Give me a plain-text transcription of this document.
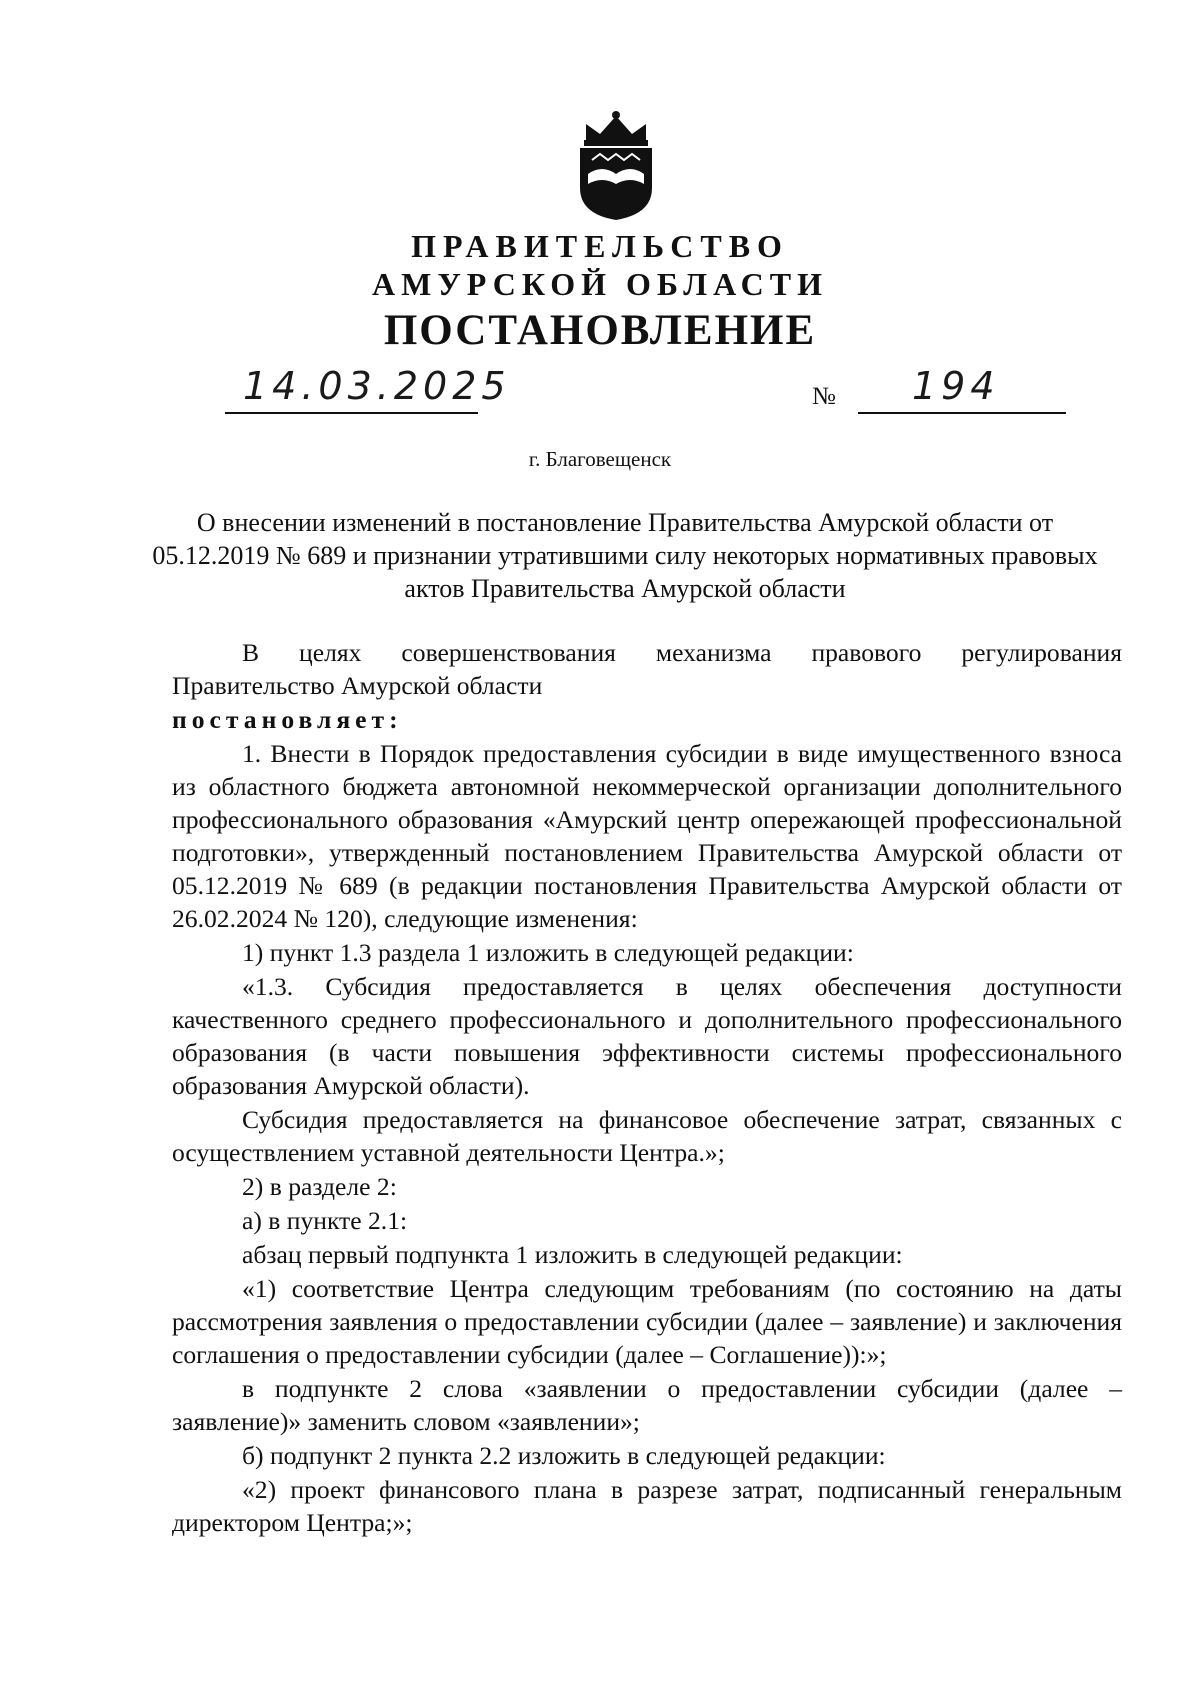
ПРАВИТЕЛЬСТВО
АМУРСКОЙ ОБЛАСТИ
ПОСТАНОВЛЕНИЕ
14.03.2025	№ 194
г. Благовещенск
О внесении изменений в постановление Правительства Амурской области от 05.12.2019 № 689 и признании утратившими силу некоторых нормативных правовых актов Правительства Амурской области

В целях совершенствования механизма правового регулирования Правительство Амурской области

постановляет:

1. Внести в Порядок предоставления субсидии в виде имущественного взноса из областного бюджета автономной некоммерческой организации дополнительного профессионального образования «Амурский центр опережающей профессиональной подготовки», утвержденный постановлением Правительства Амурской области от 05.12.2019 № 689 (в редакции постановления Правительства Амурской области от 26.02.2024 № 120), следующие изменения:

1) пункт 1.3 раздела 1 изложить в следующей редакции:

«1.3. Субсидия предоставляется в целях обеспечения доступности качественного среднего профессионального и дополнительного профессионального образования (в части повышения эффективности системы профессионального образования Амурской области).

Субсидия предоставляется на финансовое обеспечение затрат, связанных с осуществлением уставной деятельности Центра.»;

2) в разделе 2:

а) в пункте 2.1:

абзац первый подпункта 1 изложить в следующей редакции:

«1) соответствие Центра следующим требованиям (по состоянию на даты рассмотрения заявления о предоставлении субсидии (далее – заявление) и заключения соглашения о предоставлении субсидии (далее – Соглашение)):»;

в подпункте 2 слова «заявлении о предоставлении субсидии (далее – заявление)» заменить словом «заявлении»;

б) подпункт 2 пункта 2.2 изложить в следующей редакции:

«2) проект финансового плана в разрезе затрат, подписанный генеральным директором Центра;»;
